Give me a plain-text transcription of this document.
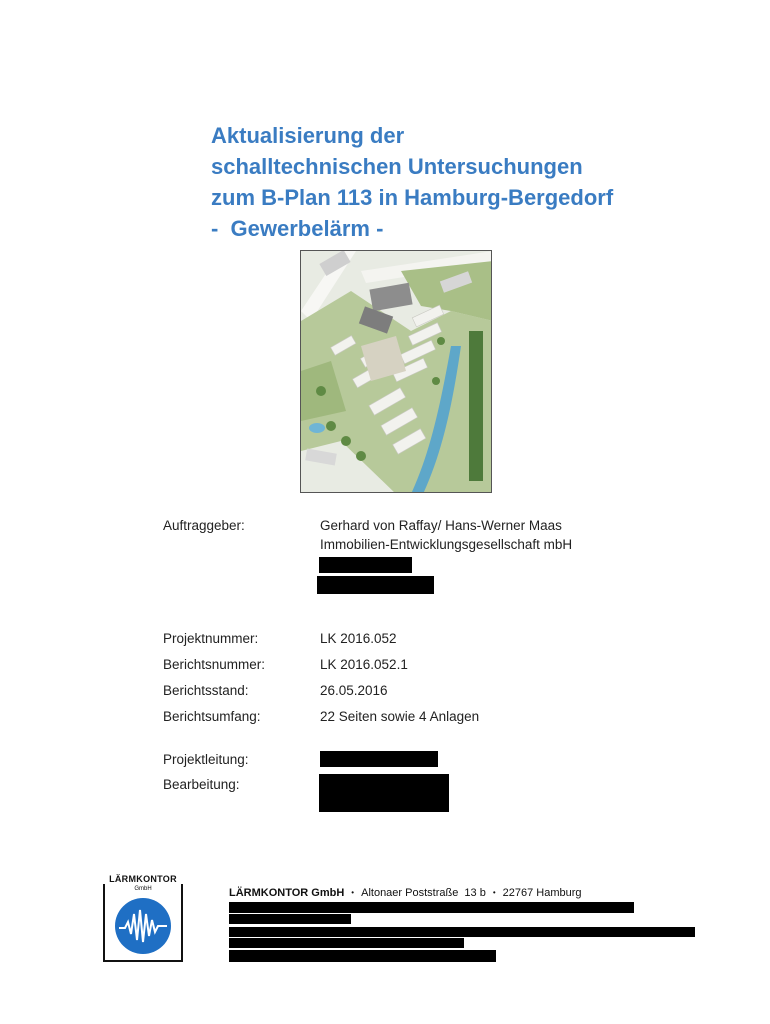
Aktualisierung der
schalltechnischen Untersuchungen
zum B-Plan 113 in Hamburg-Bergedorf
-  Gewerbelärm -
Auftraggeber:	Gerhard von Raffay/ Hans-Werner Maas
Immobilien-Entwicklungsgesellschaft mbH
Projektnummer:	LK 2016.052
Berichtsnummer:	LK 2016.052.1
Berichtsstand:	26.05.2016
Berichtsumfang:	22 Seiten sowie 4 Anlagen
Projektleitung:
Bearbeitung:
LÄRMKONTOR
GmbH	LÄRMKONTOR GmbH • Altonaer Poststraße  13 b • 22767 Hamburg
